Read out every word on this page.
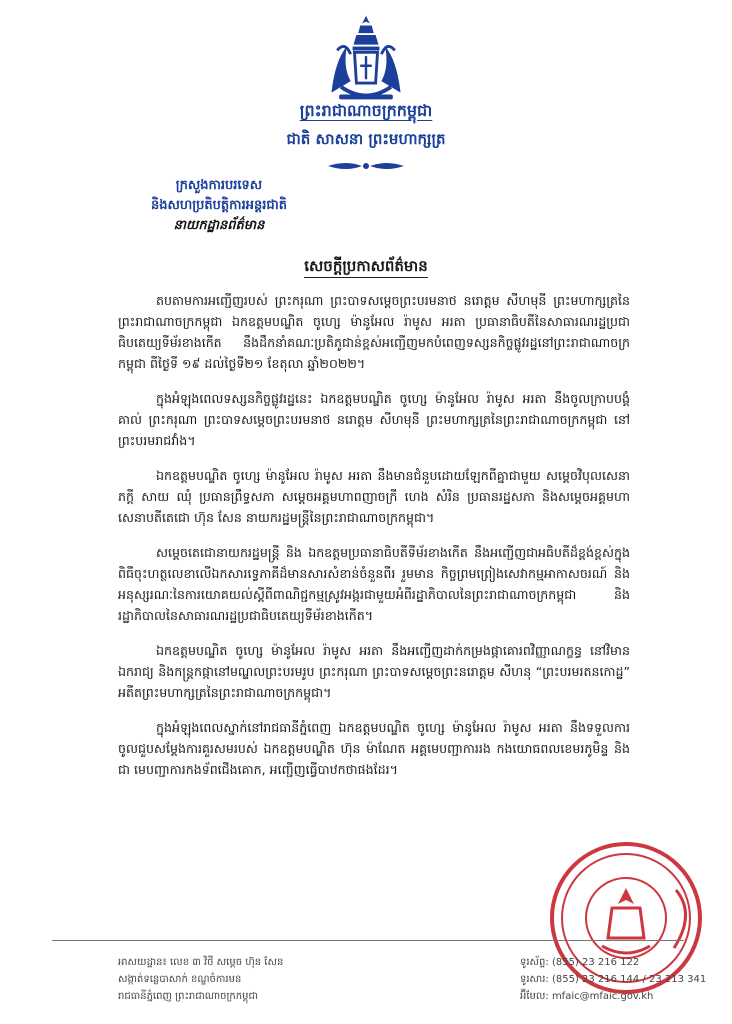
ព្រះរាជាណាចក្រកម្ពុជា
ជាតិ សាសនា ព្រះមហាក្សត្រ
ក្រសួងការបរទេស
និងសហប្រតិបត្តិការអន្តរជាតិ
នាយកដ្ឋានព័ត៌មាន
សេចក្តីប្រកាសព័ត៌មាន

តបតាមការអញ្ជើញរបស់ ព្រះករុណា ព្រះបាទសម្តេចព្រះបរមនាថ នរោត្តម សីហមុនី ព្រះមហាក្សត្រនៃព្រះរាជាណាចក្រកម្ពុជា ឯកឧត្តមបណ្ឌិត ចូហ្សេ ម៉ានូអែល រ៉ាមូស អរតា ប្រធានាធិបតីនៃសាធារណរដ្ឋប្រជាធិបតេយ្យទីម័រខាងកើត នឹងដឹកនាំគណៈប្រតិភូជាន់ខ្ពស់អញ្ជើញមកបំពេញទស្សនកិច្ចផ្លូវរដ្ឋនៅព្រះរាជាណាចក្រកម្ពុជា ពីថ្ងៃទី ១៩ ដល់ថ្ងៃទី២១ ខែតុលា ឆ្នាំ២០២២។

ក្នុងអំឡុងពេលទស្សនកិច្ចផ្លូវរដ្ឋនេះ ឯកឧត្តមបណ្ឌិត ចូហ្សេ ម៉ានូអែល រ៉ាមូស អរតា នឹងចូលក្រាបបង្គំគាល់ ព្រះករុណា ព្រះបាទសម្តេចព្រះបរមនាថ នរោត្តម សីហមុនី ព្រះមហាក្សត្រនៃព្រះរាជាណាចក្រកម្ពុជា នៅព្រះបរមរាជវាំង។

ឯកឧត្តមបណ្ឌិត ចូហ្សេ ម៉ានូអែល រ៉ាមូស អរតា នឹងមានជំនួបដោយឡែកពីគ្នាជាមួយ សម្តេចវិបុលសេនាភក្តី សាយ ឈុំ ប្រធានព្រឹទ្ធសភា សម្តេចអគ្គមហាពញាចក្រី ហេង សំរិន ប្រធានរដ្ឋសភា និងសម្តេចអគ្គមហាសេនាបតីតេជោ ហ៊ុន សែន នាយករដ្ឋមន្ត្រីនៃព្រះរាជាណាចក្រកម្ពុជា។

សម្តេចតេជោនាយករដ្ឋមន្ត្រី និង ឯកឧត្តមប្រធានាធិបតីទីម័រខាងកើត នឹងអញ្ជើញជាអធិបតីដ៏ខ្ពង់ខ្ពស់ក្នុងពិធីចុះហត្ថលេខាលើឯកសារទ្វេភាគីដ៏មានសារសំខាន់ចំនួនពីរ រួមមាន កិច្ចព្រមព្រៀងសេវាកម្មអាកាសចរណ៍ និងអនុស្សរណៈនៃការយោគយល់ស្តីពីពាណិជ្ជកម្មស្រូវអង្ករជាមួយអំពីរដ្ឋាភិបាលនៃព្រះរាជាណាចក្រកម្ពុជា និងរដ្ឋាភិបាលនៃសាធារណរដ្ឋប្រជាធិបតេយ្យទីម័រខាងកើត។

ឯកឧត្តមបណ្ឌិត ចូហ្សេ ម៉ានូអែល រ៉ាមូស អរតា នឹងអញ្ជើញដាក់កម្រងផ្កាគោរពវិញ្ញាណក្ខន្ធ នៅវិមានឯករាជ្យ និងកន្ត្រកផ្កានៅមណ្ឌលព្រះបរមរូប ព្រះករុណា ព្រះបាទសម្តេចព្រះនរោត្តម សីហនុ “ព្រះបរមរតនកោដ្ឋ” អតីតព្រះមហាក្សត្រនៃព្រះរាជាណាចក្រកម្ពុជា។

ក្នុងអំឡុងពេលស្នាក់នៅរាជធានីភ្នំពេញ ឯកឧត្តមបណ្ឌិត ចូហ្សេ ម៉ានូអែល រ៉ាមូស អរតា នឹងទទួលការចូលជួបសម្តែងការគួរសមរបស់ ឯកឧត្តមបណ្ឌិត ហ៊ុន ម៉ាណែត អគ្គមេបញ្ជាការរង កងយោធពលខេមរភូមិន្ទ និងជា មេបញ្ជាការកងទ័ពជើងគោក, អញ្ជើញធ្វើបាឋកថាផងដែរ។

អាសយដ្ឋាន៖ លេខ ៣ វិថី សម្តេច ហ៊ុន សែន
សង្កាត់ទន្លេបាសាក់ ខណ្ឌចំការមន
រាជធានីភ្នំពេញ ព្រះរាជាណាចក្រកម្ពុជា
ទូរស័ព្ទ: (855) 23 216 122
ទូរសារ: (855) 23 216 144 / 23 213 341
អ៊ីមែល: mfaic@mfaic.gov.kh
